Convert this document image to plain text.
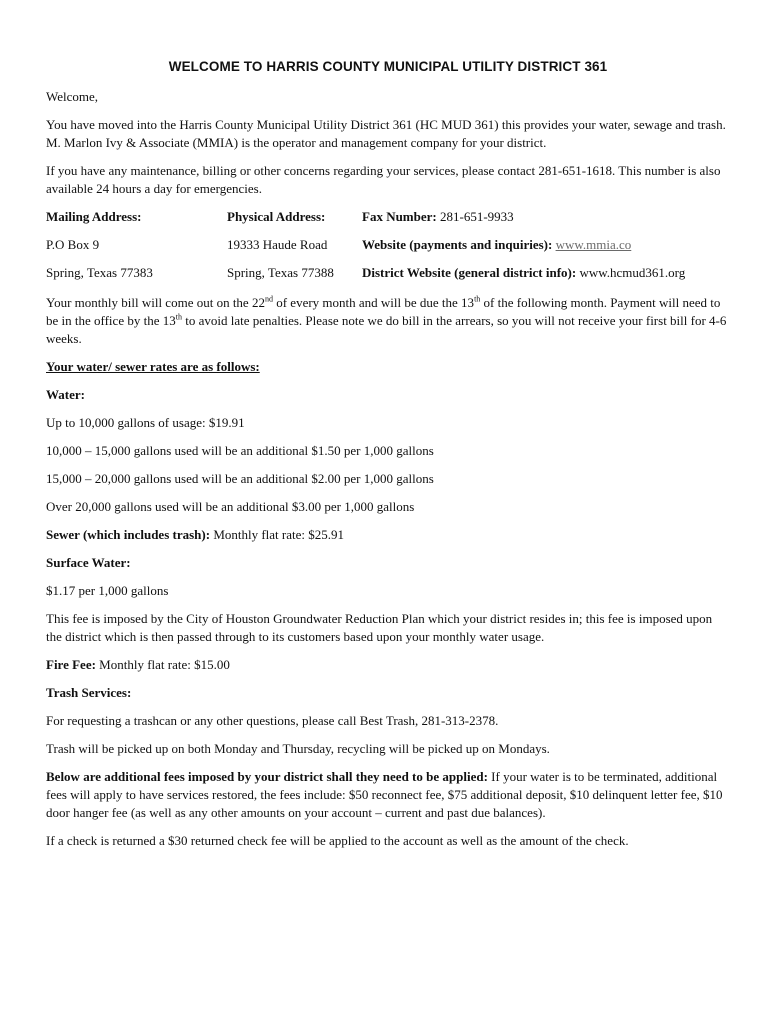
WELCOME TO HARRIS COUNTY MUNICIPAL UTILITY DISTRICT 361

Welcome,

You have moved into the Harris County Municipal Utility District 361 (HC MUD 361) this provides your water, sewage and trash. M. Marlon Ivy & Associate (MMIA) is the operator and management company for your district.

If you have any maintenance, billing or other concerns regarding your services, please contact 281-651-1618. This number is also available 24 hours a day for emergencies.

Mailing Address:	Physical Address:	Fax Number: 281-651-9933
P.O Box 9	19333 Haude Road	Website (payments and inquiries): www.mmia.co
Spring, Texas 77383	Spring, Texas 77388	District Website (general district info): www.hcmud361.org

Your monthly bill will come out on the 22nd of every month and will be due the 13th of the following month. Payment will need to be in the office by the 13th to avoid late penalties. Please note we do bill in the arrears, so you will not receive your first bill for 4-6 weeks.

Your water/ sewer rates are as follows:

Water:

Up to 10,000 gallons of usage: $19.91

10,000 – 15,000 gallons used will be an additional $1.50 per 1,000 gallons

15,000 – 20,000 gallons used will be an additional $2.00 per 1,000 gallons

Over 20,000 gallons used will be an additional $3.00 per 1,000 gallons

Sewer (which includes trash): Monthly flat rate: $25.91

Surface Water:

$1.17 per 1,000 gallons

This fee is imposed by the City of Houston Groundwater Reduction Plan which your district resides in; this fee is imposed upon the district which is then passed through to its customers based upon your monthly water usage.

Fire Fee: Monthly flat rate: $15.00

Trash Services:

For requesting a trashcan or any other questions, please call Best Trash, 281-313-2378.

Trash will be picked up on both Monday and Thursday, recycling will be picked up on Mondays.

Below are additional fees imposed by your district shall they need to be applied: If your water is to be terminated, additional fees will apply to have services restored, the fees include: $50 reconnect fee, $75 additional deposit, $10 delinquent letter fee, $10 door hanger fee (as well as any other amounts on your account – current and past due balances).

If a check is returned a $30 returned check fee will be applied to the account as well as the amount of the check.
